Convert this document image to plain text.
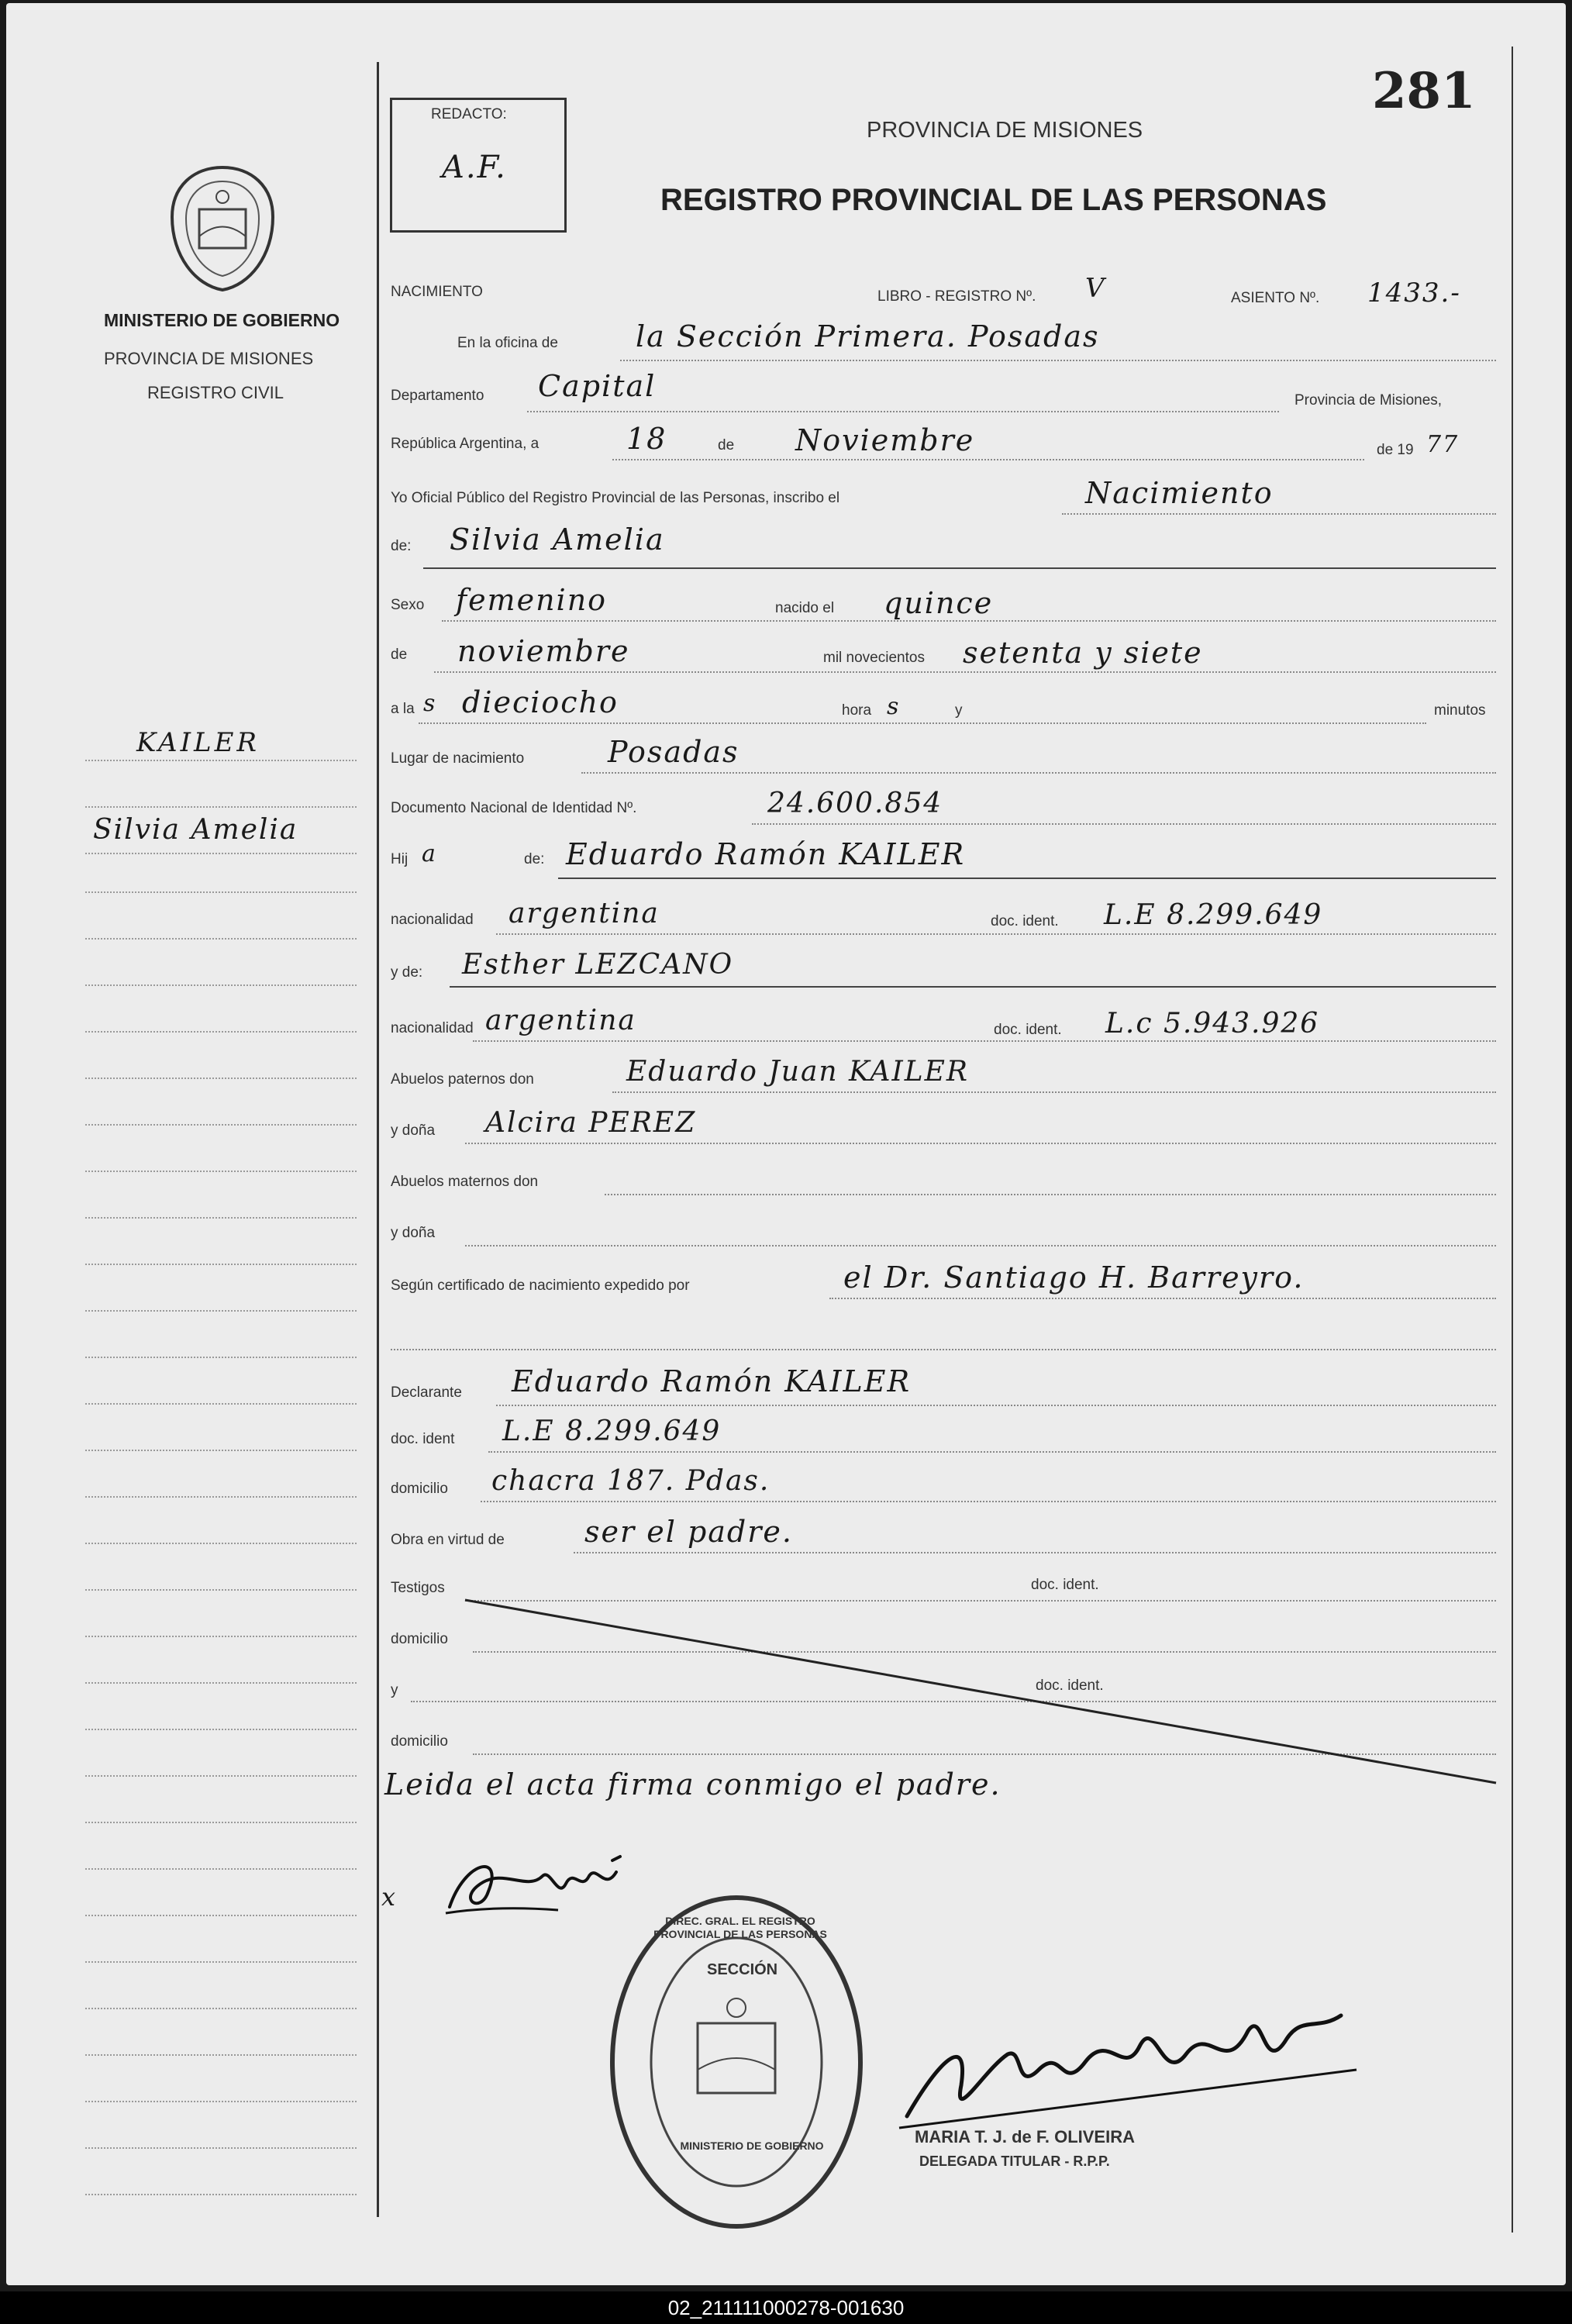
281
REDACTO:
A.F.
PROVINCIA DE MISIONES
REGISTRO PROVINCIAL DE LAS PERSONAS
MINISTERIO DE GOBIERNO
PROVINCIA DE MISIONES
REGISTRO CIVIL
KAILER
Silvia Amelia
NACIMIENTO	LIBRO - REGISTRO Nº. V	ASIENTO Nº. 1433.-
En la oficina de	la Sección Primera. Posadas
Departamento Capital	Provincia de Misiones,
República Argentina, a	18	de Noviembre	de 19 77
Yo Oficial Público del Registro Provincial de las Personas, inscribo el	Nacimiento
de: Silvia Amelia
Sexo femenino	nacido el quince
de noviembre	mil novecientos setenta y siete
a la s dieciocho	hora s	y	minutos
Lugar de nacimiento	Posadas
Documento Nacional de Identidad Nº.	24.600.854
Hij a	de: Eduardo Ramón KAILER
nacionalidad argentina	doc. ident. L.E 8.299.649
y de: Esther LEZCANO
nacionalidad argentina	doc. ident. L.c 5.943.926
Abuelos paternos don	Eduardo Juan KAILER
y doña Alcira PEREZ
Abuelos maternos don
y doña
Según certificado de nacimiento expedido por	el Dr. Santiago H. Barreyro.
Declarante Eduardo Ramón KAILER
doc. ident L.E 8.299.649
domicilio chacra 187. Pdas.
Obra en virtud de	ser el padre.
Testigos	doc. ident.
domicilio
y	doc. ident.
domicilio
Leida el acta firma conmigo el padre.
x
DIREC. GRAL. EL REGISTRO PROVINCIAL DE LAS PERSONAS
SECCIÓN
MINISTERIO DE GOBIERNO	MARIA T. J. de F. OLIVEIRA
DELEGADA TITULAR - R.P.P.
02_211111000278-001630
